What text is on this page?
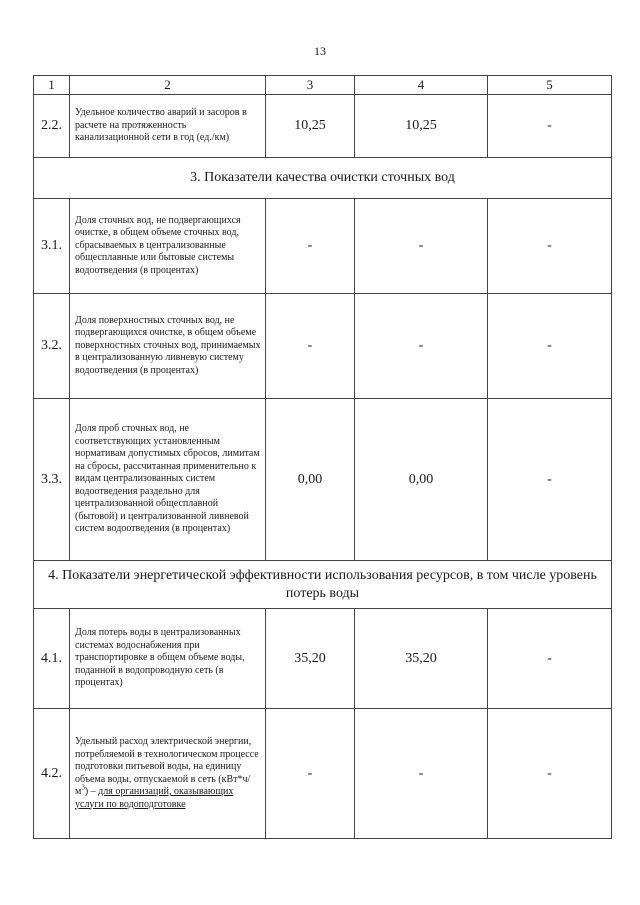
13
1	2	3	4	5
2.2.	Удельное количество аварий и засоров в расчете на протяженность канализационной сети в год (ед./км)	10,25	10,25	-
3. Показатели качества очистки сточных вод				
3.1.	Доля сточных вод, не подвергающихся очистке, в общем объеме сточных вод, сбрасываемых в централизованные общесплавные или бытовые системы водоотведения (в процентах)	-	-	-
3.2.	Доля поверхностных сточных вод, не подвергающихся очистке, в общем объеме поверхностных сточных вод, принимаемых в централизованную ливневую систему водоотведения (в процентах)	-	-	-
3.3.	Доля проб сточных вод, не соответствующих установленным нормативам допустимых сбросов, лимитам на сбросы, рассчитанная применительно к видам централизованных систем водоотведения раздельно для централизованной общесплавной (бытовой) и централизованной ливневой систем водоотведения (в процентах)	0,00	0,00	-
4. Показатели энергетической эффективности использования ресурсов, в том числе уровень потерь воды				
4.1.	Доля потерь воды в централизованных системах водоснабжения при транспортировке в общем объеме воды, поданной в водопроводную сеть (в процентах)	35,20	35,20	-
4.2.	Удельный расход электрической энергии, потребляемой в технологическом процессе подготовки питьевой воды, на единицу объема воды, отпускаемой в сеть $(кВт*ч/м^3)$ – для организаций, оказывающих услуги по водоподготовке	-	-	-
